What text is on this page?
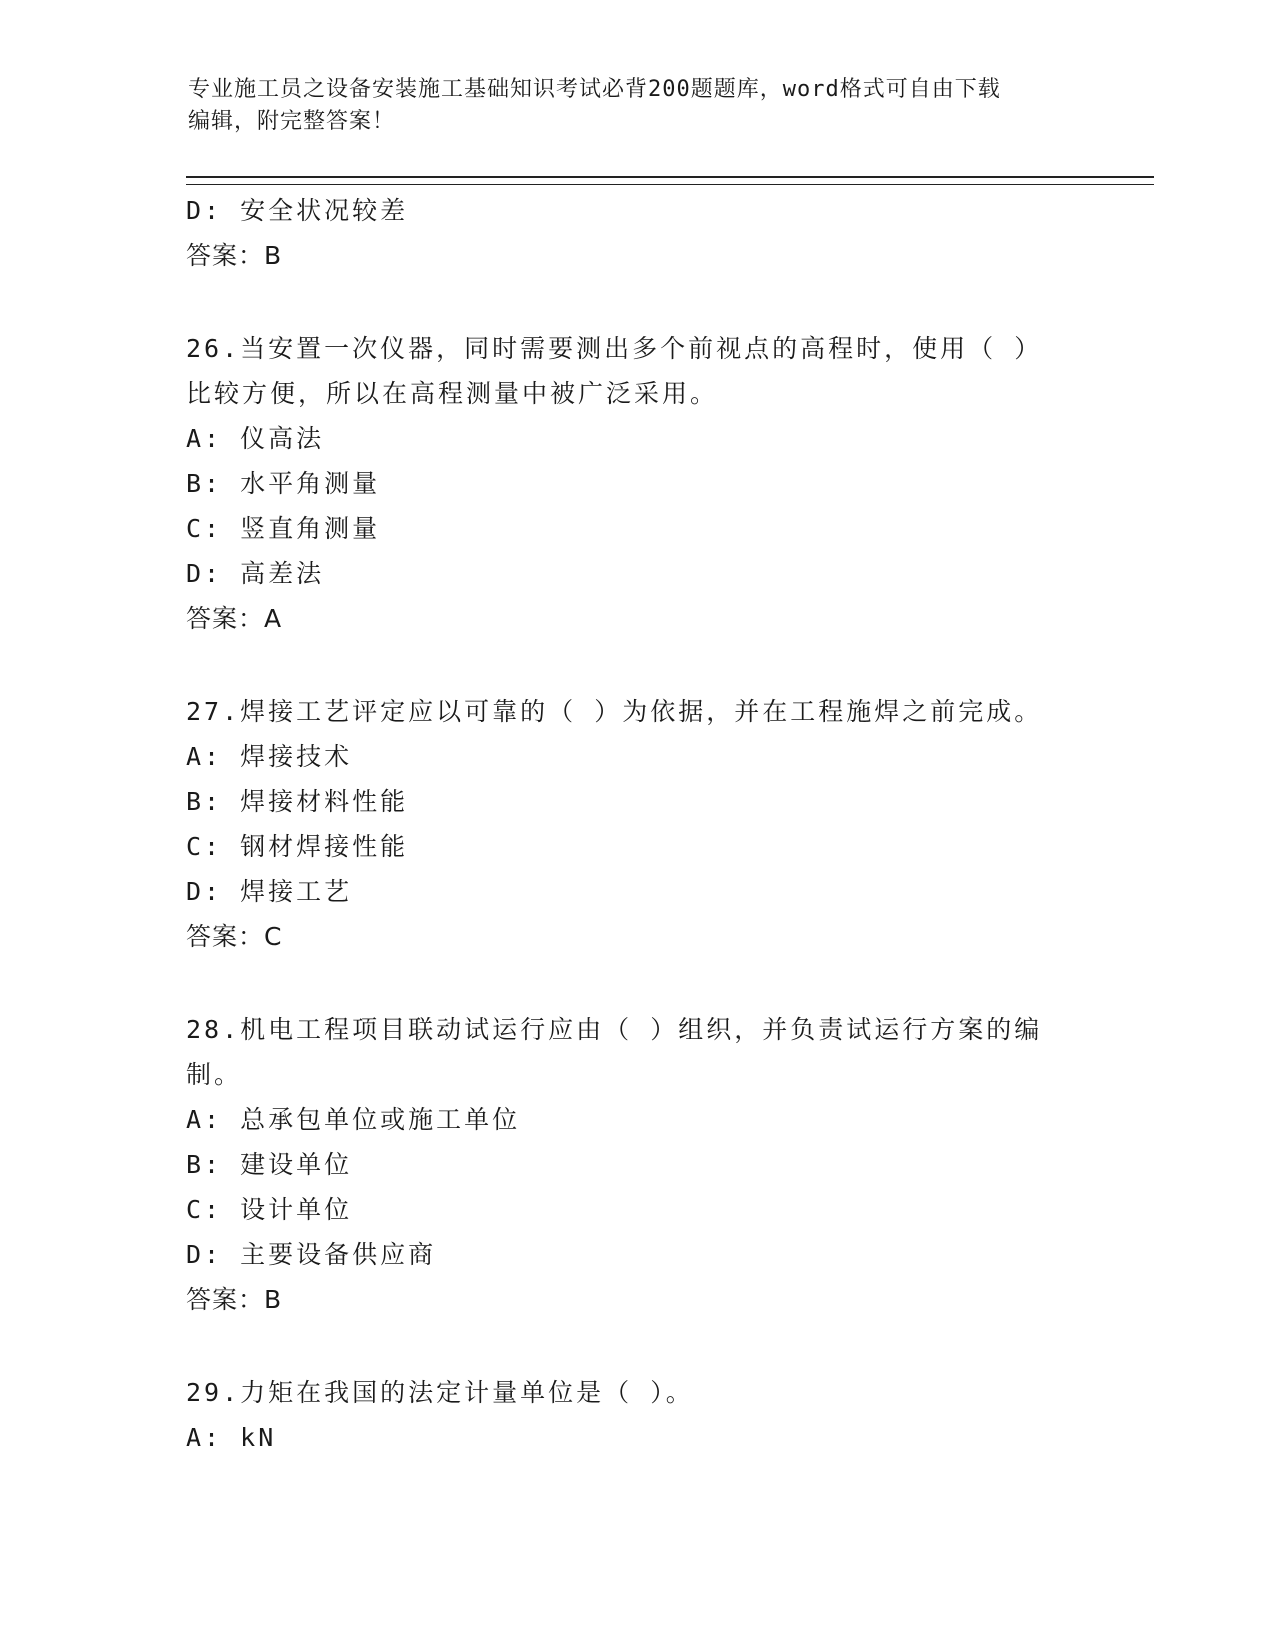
专业施工员之设备安装施工基础知识考试必背200题题库，word格式可自由下载
编辑，附完整答案！
D: 安全状况较差
答案：B
26.当安置一次仪器，同时需要测出多个前视点的高程时，使用（ ）
比较方便，所以在高程测量中被广泛采用。
A: 仪高法
B: 水平角测量
C: 竖直角测量
D: 高差法
答案：A
27.焊接工艺评定应以可靠的（ ）为依据，并在工程施焊之前完成。
A: 焊接技术
B: 焊接材料性能
C: 钢材焊接性能
D: 焊接工艺
答案：C
28.机电工程项目联动试运行应由（ ）组织，并负责试运行方案的编
制。
A: 总承包单位或施工单位
B: 建设单位
C: 设计单位
D: 主要设备供应商
答案：B
29.力矩在我国的法定计量单位是（ ）。
A: kN
